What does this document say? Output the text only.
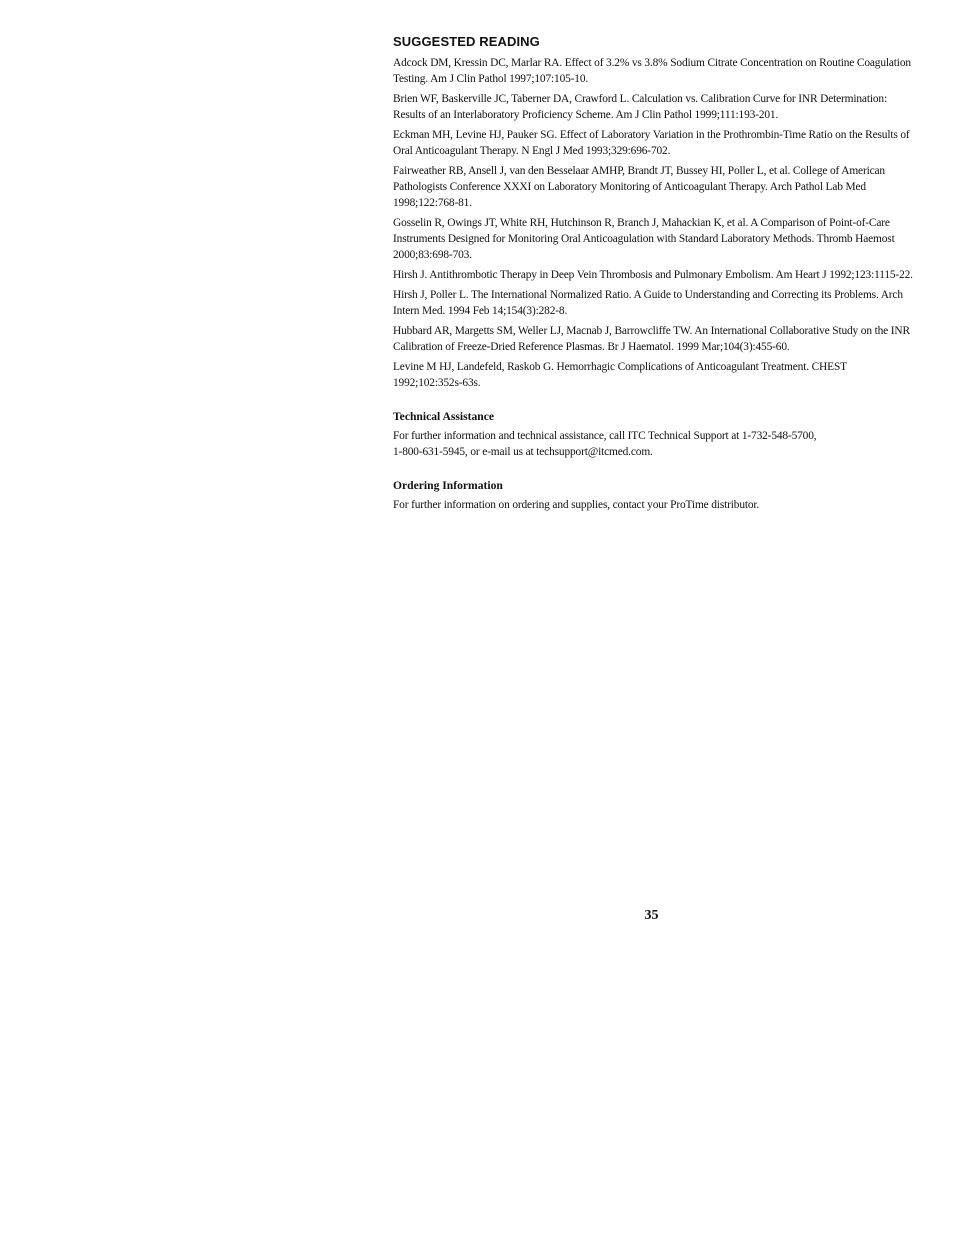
SUGGESTED READING
Adcock DM, Kressin DC, Marlar RA. Effect of 3.2% vs 3.8% Sodium Citrate Concentration on Routine Coagulation Testing. Am J Clin Pathol 1997;107:105-10.
Brien WF, Baskerville JC, Taberner DA, Crawford L. Calculation vs. Calibration Curve for INR Determination: Results of an Interlaboratory Proficiency Scheme. Am J Clin Pathol 1999;111:193-201.
Eckman MH, Levine HJ, Pauker SG. Effect of Laboratory Variation in the Prothrombin-Time Ratio on the Results of Oral Anticoagulant Therapy. N Engl J Med 1993;329:696-702.
Fairweather RB, Ansell J, van den Besselaar AMHP, Brandt JT, Bussey HI, Poller L, et al. College of American Pathologists Conference XXXI on Laboratory Monitoring of Anticoagulant Therapy. Arch Pathol Lab Med 1998;122:768-81.
Gosselin R, Owings JT, White RH, Hutchinson R, Branch J, Mahackian K, et al. A Comparison of Point-of-Care Instruments Designed for Monitoring Oral Anticoagulation with Standard Laboratory Methods. Thromb Haemost 2000;83:698-703.
Hirsh J. Antithrombotic Therapy in Deep Vein Thrombosis and Pulmonary Embolism. Am Heart J 1992;123:1115-22.
Hirsh J, Poller L. The International Normalized Ratio. A Guide to Understanding and Correcting its Problems. Arch Intern Med. 1994 Feb 14;154(3):282-8.
Hubbard AR, Margetts SM, Weller LJ, Macnab J, Barrowcliffe TW. An International Collaborative Study on the INR Calibration of Freeze-Dried Reference Plasmas. Br J Haematol. 1999 Mar;104(3):455-60.
Levine M HJ, Landefeld, Raskob G. Hemorrhagic Complications of Anticoagulant Treatment. CHEST 1992;102:352s-63s.
Technical Assistance

For further information and technical assistance, call ITC Technical Support at 1-732-548-5700,

1-800-631-5945, or e-mail us at techsupport@itcmed.com.

Ordering Information

For further information on ordering and supplies, contact your ProTime distributor.

35
